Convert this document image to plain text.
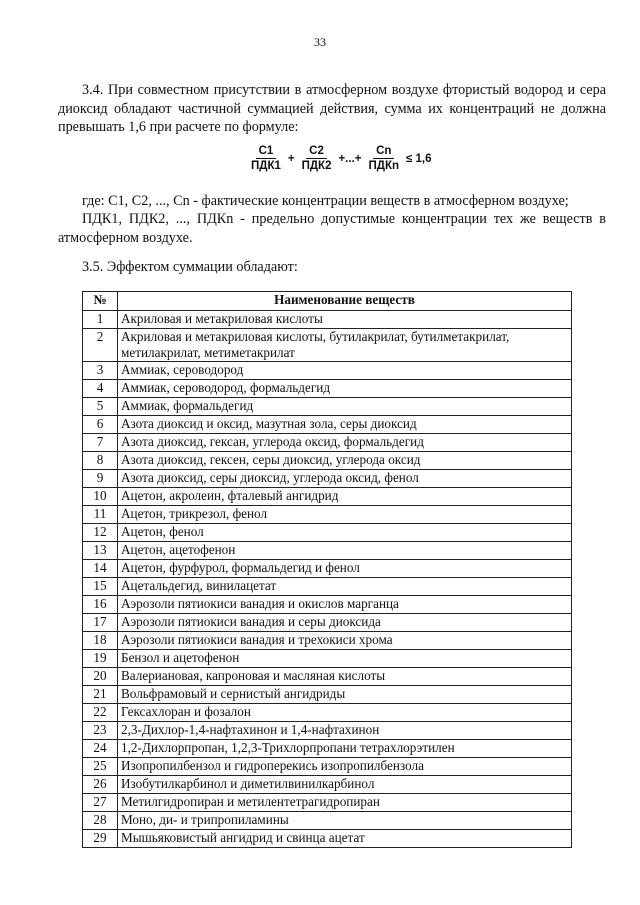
33
3.4. При совместном присутствии в атмосферном воздухе фтористый водород и сера диоксид обладают частичной суммацией действия, сумма их концентраций не должна превышать 1,6 при расчете по формуле:
$\frac{C1}{\text{ПДК1}} + \frac{C2}{\text{ПДК2}}$ +...+ $\frac{Cn}{\text{ПДКn}} \le 1,6$
где: C1, C2, ..., Cn - фактические концентрации веществ в атмосферном воздухе;
ПДК1, ПДК2, ..., ПДКn - предельно допустимые концентрации тех же веществ в атмосферном воздухе.
3.5. Эффектом суммации обладают:
№	Наименование веществ
1	Акриловая и метакриловая кислоты
2	Акриловая и метакриловая кислоты, бутилакрилат, бутилметакрилат, метилакрилат, метиметакрилат
3	Аммиак, сероводород
4	Аммиак, сероводород, формальдегид
5	Аммиак, формальдегид
6	Азота диоксид и оксид, мазутная зола, серы диоксид
7	Азота диоксид, гексан, углерода оксид, формальдегид
8	Азота диоксид, гексен, серы диоксид, углерода оксид
9	Азота диоксид, серы диоксид, углерода оксид, фенол
10	Ацетон, акролеин, фталевый ангидрид
11	Ацетон, трикрезол, фенол
12	Ацетон, фенол
13	Ацетон, ацетофенон
14	Ацетон, фурфурол, формальдегид и фенол
15	Ацетальдегид, винилацетат
16	Аэрозоли пятиокиси ванадия и окислов марганца
17	Аэрозоли пятиокиси ванадия и серы диоксида
18	Аэрозоли пятиокиси ванадия и трехокиси хрома
19	Бензол и ацетофенон
20	Валериановая, капроновая и масляная кислоты
21	Вольфрамовый и сернистый ангидриды
22	Гексахлоран и фозалон
23	2,3-Дихлор-1,4-нафтахинон и 1,4-нафтахинон
24	1,2-Дихлорпропан, 1,2,3-Трихлорпропани тетрахлорэтилен
25	Изопропилбензол и гидроперекись изопропилбензола
26	Изобутилкарбинол и диметилвинилкарбинол
27	Метилгидропиран и метилентетрагидропиран
28	Моно, ди- и трипропиламины
29	Мышьяковистый ангидрид и свинца ацетат
